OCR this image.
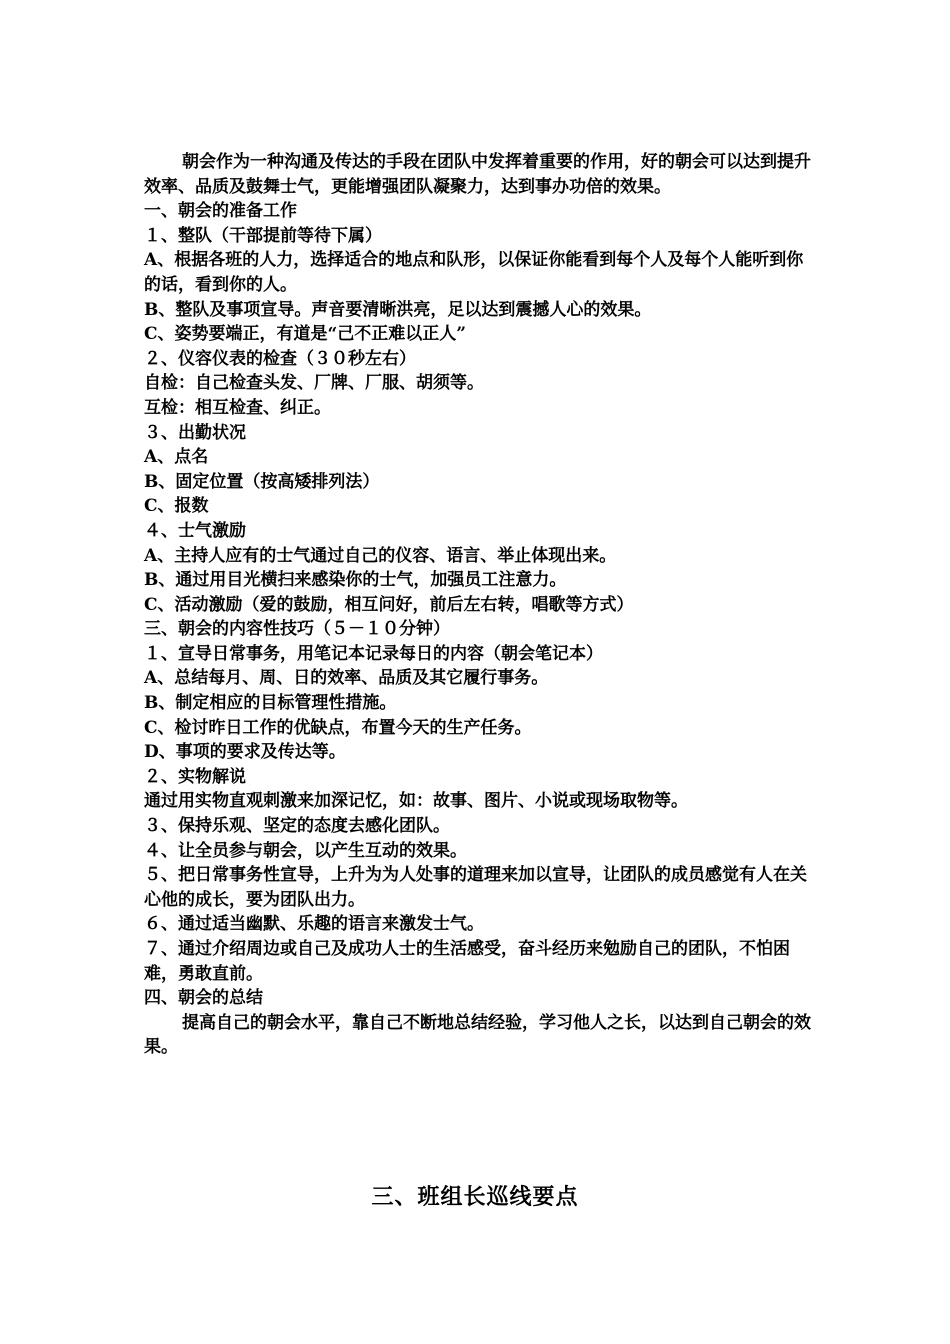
朝会作为一种沟通及传达的手段在团队中发挥着重要的作用，好的朝会可以达到提升效率、品质及鼓舞士气，更能增强团队凝聚力，达到事办功倍的效果。

一、朝会的准备工作

１、整队（干部提前等待下属）

A、根据各班的人力，选择适合的地点和队形，以保证你能看到每个人及每个人能听到你的话，看到你的人。

B、整队及事项宣导。声音要清晰洪亮，足以达到震撼人心的效果。

C、姿势要端正，有道是“己不正难以正人”

２、仪容仪表的检查（３０秒左右）

自检：自己检查头发、厂牌、厂服、胡须等。

互检：相互检查、纠正。

３、出勤状况

A、点名

B、固定位置（按高矮排列法）

C、报数

４、士气激励

A、主持人应有的士气通过自己的仪容、语言、举止体现出来。

B、通过用目光横扫来感染你的士气，加强员工注意力。

C、活动激励（爱的鼓励，相互问好，前后左右转，唱歌等方式）

三、朝会的内容性技巧（５－１０分钟）

１、宣导日常事务，用笔记本记录每日的内容（朝会笔记本）

A、总结每月、周、日的效率、品质及其它履行事务。

B、制定相应的目标管理性措施。

C、检讨昨日工作的优缺点，布置今天的生产任务。

D、事项的要求及传达等。

２、实物解说

通过用实物直观刺激来加深记忆，如：故事、图片、小说或现场取物等。

３、保持乐观、坚定的态度去感化团队。

４、让全员参与朝会，以产生互动的效果。

５、把日常事务性宣导，上升为为人处事的道理来加以宣导，让团队的成员感觉有人在关心他的成长，要为团队出力。

６、通过适当幽默、乐趣的语言来激发士气。

７、通过介绍周边或自己及成功人士的生活感受，奋斗经历来勉励自己的团队，不怕困难，勇敢直前。

四、朝会的总结

提高自己的朝会水平，靠自己不断地总结经验，学习他人之长，以达到自己朝会的效果。

三、班组长巡线要点
